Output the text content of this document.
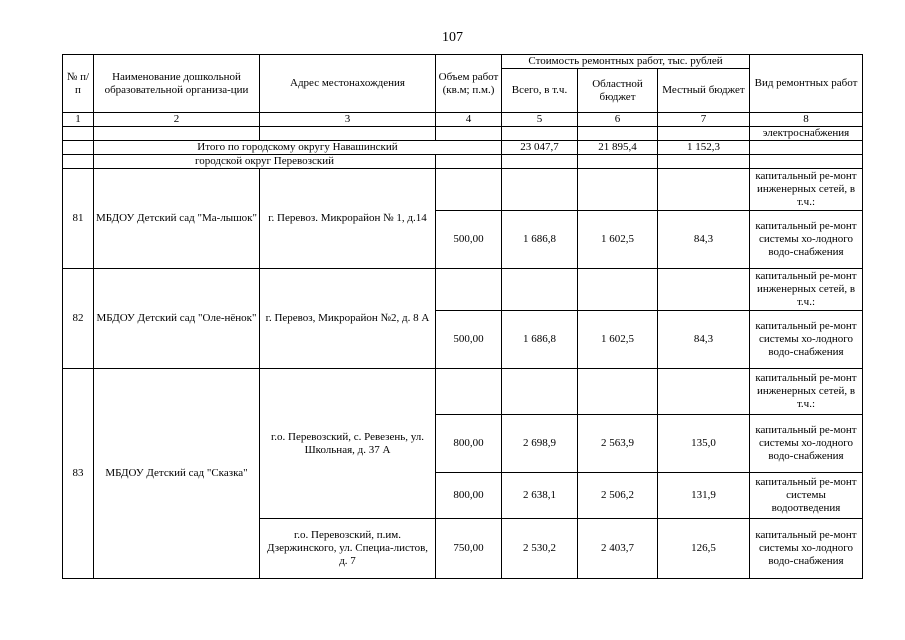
107
№ п/п	Наименование дошкольной образовательной организа-ции	Адрес местонахождения	Объем работ (кв.м; п.м.)	Стоимость ремонтных работ, тыс. рублей			Вид ремонтных работ
				Всего, в т.ч.	Областной бюджет	Местный бюджет	
1	2	3	4	5	6	7	8
							электроснабжения
	Итого по городскому округу Навашинский			23 047,7	21 895,4	1 152,3	
	городской округ Перевозский						
81	МБДОУ Детский сад "Ма-лышок"	г. Перевоз. Микрорайон № 1, д.14					капитальный ре-монт инженерных сетей, в т.ч.:
			500,00	1 686,8	1 602,5	84,3	капитальный ре-монт системы хо-лодного водо-снабжения
82	МБДОУ Детский сад "Оле-нёнок"	г. Перевоз, Микрорайон №2, д. 8 А					капитальный ре-монт инженерных сетей, в т.ч.:
			500,00	1 686,8	1 602,5	84,3	капитальный ре-монт системы хо-лодного водо-снабжения
83	МБДОУ Детский сад "Сказка"	г.о. Перевозский, с. Ревезень, ул. Школьная, д. 37 А					капитальный ре-монт инженерных сетей, в т.ч.:
			800,00	2 698,9	2 563,9	135,0	капитальный ре-монт системы хо-лодного водо-снабжения
			800,00	2 638,1	2 506,2	131,9	капитальный ре-монт системы водоотведения
		г.о. Перевозский, п.им. Дзержинского, ул. Специа-листов, д. 7	750,00	2 530,2	2 403,7	126,5	капитальный ре-монт системы хо-лодного водо-снабжения
